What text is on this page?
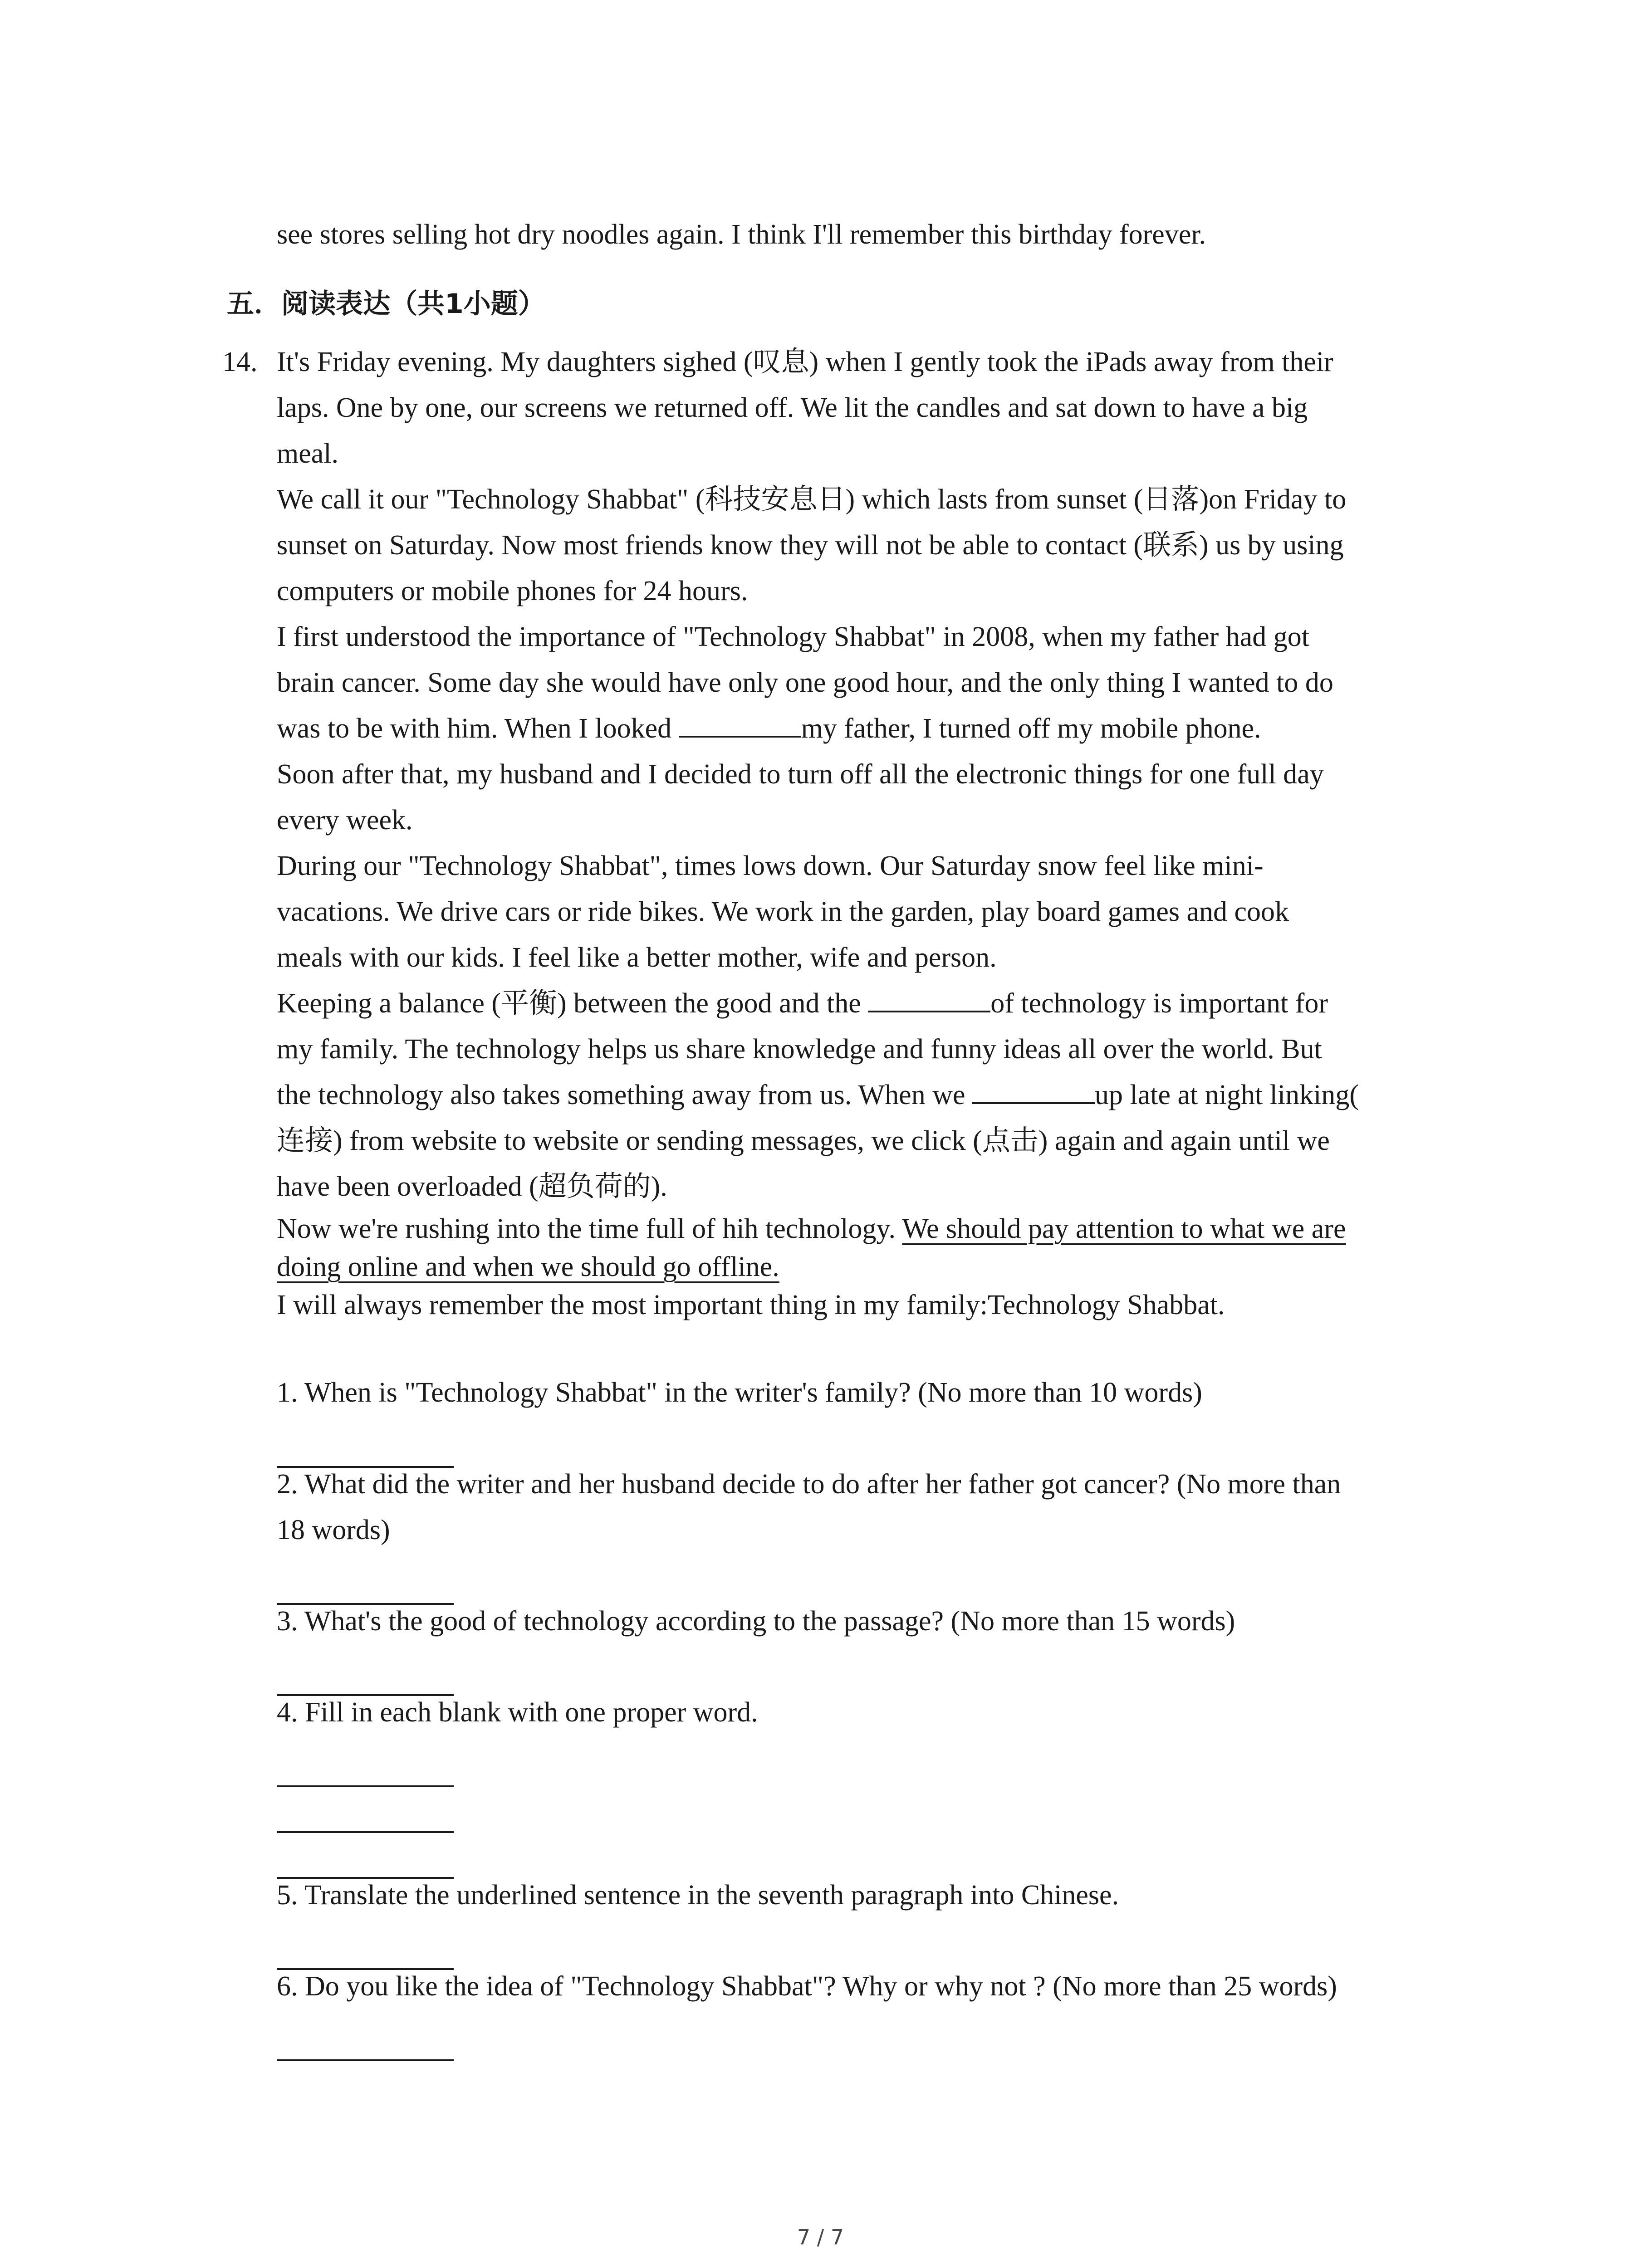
see stores selling hot dry noodles again. I think I'll remember this birthday forever.
五．阅读表达（共1小题）
14. It's Friday evening. My daughters sighed (叹息) when I gently took the iPads away from their
laps. One by one, our screens we returned off. We lit the candles and sat down to have a big
meal.
We call it our "Technology Shabbat" (科技安息日) which lasts from sunset (日落)on Friday to
sunset on Saturday. Now most friends know they will not be able to contact (联系) us by using
computers or mobile phones for 24 hours.
I first understood the importance of "Technology Shabbat" in 2008, when my father had got
brain cancer. Some day she would have only one good hour, and the only thing I wanted to do
was to be with him. When I looked	my father, I turned off my mobile phone.
Soon after that, my husband and I decided to turn off all the electronic things for one full day
every week.
During our "Technology Shabbat", times lows down. Our Saturday snow feel like mini-
vacations. We drive cars or ride bikes. We work in the garden, play board games and cook
meals with our kids. I feel like a better mother, wife and person.
Keeping a balance (平衡) between the good and the	of technology is important for
my family. The technology helps us share knowledge and funny ideas all over the world. But
the technology also takes something away from us. When we	up late at night linking(
连接) from website to website or sending messages, we click (点击) again and again until we
have been overloaded (超负荷的).
Now we're rushing into the time full of hih technology. We should pay attention to what we are
doing online and when we should go offline.
I will always remember the most important thing in my family:Technology Shabbat.
1. When is "Technology Shabbat" in the writer's family? (No more than 10 words)
2. What did the writer and her husband decide to do after her father got cancer? (No more than
18 words)
3. What's the good of technology according to the passage? (No more than 15 words)
4. Fill in each blank with one proper word.
5. Translate the underlined sentence in the seventh paragraph into Chinese.
6. Do you like the idea of "Technology Shabbat"? Why or why not ? (No more than 25 words)
7 / 7
